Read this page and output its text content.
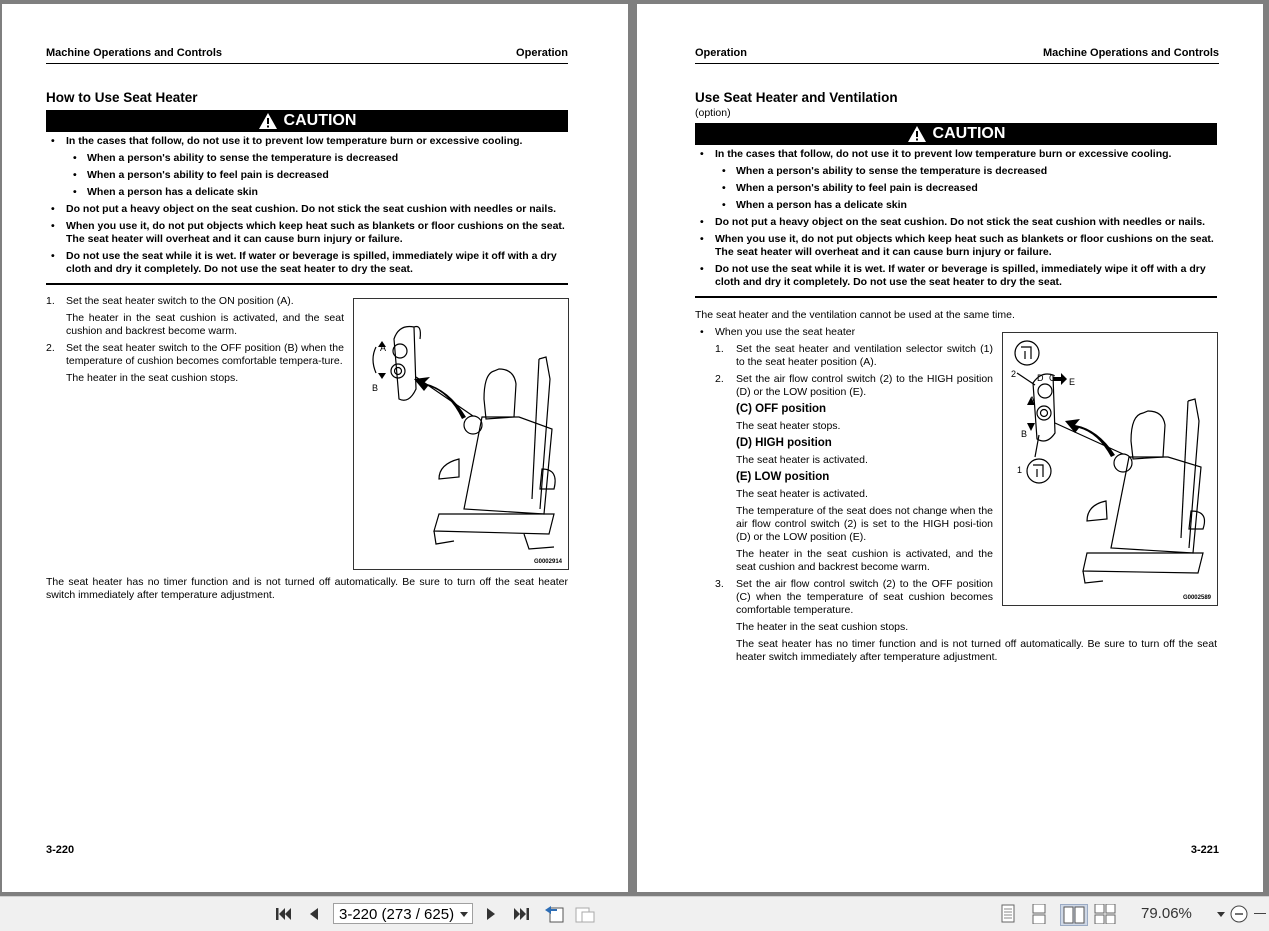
Machine Operations and Controls	Operation
How to Use Seat Heater
CAUTION
• In the cases that follow, do not use it to prevent low temperature burn or excessive cooling.
• When a person's ability to sense the temperature is decreased
• When a person's ability to feel pain is decreased
• When a person has a delicate skin
• Do not put a heavy object on the seat cushion. Do not stick the seat cushion with needles or nails.
• When you use it, do not put objects which keep heat such as blankets or floor cushions on the seat. The seat heater will overheat and it can cause burn injury or failure.
• Do not use the seat while it is wet. If water or beverage is spilled, immediately wipe it off with a dry cloth and dry it completely. Do not use the seat heater to dry the seat.
1. Set the seat heater switch to the ON position (A).
The heater in the seat cushion is activated, and the seat cushion and backrest become warm.
2. Set the seat heater switch to the OFF position (B) when the temperature of cushion becomes comfortable tempera-ture.
The heater in the seat cushion stops.
A
B
G0002914
The seat heater has no timer function and is not turned off automatically. Be sure to turn off the seat heater switch immediately after temperature adjustment.
3-220
Operation	Machine Operations and Controls
Use Seat Heater and Ventilation
(option)
CAUTION
• In the cases that follow, do not use it to prevent low temperature burn or excessive cooling.
• When a person's ability to sense the temperature is decreased
• When a person's ability to feel pain is decreased
• When a person has a delicate skin
• Do not put a heavy object on the seat cushion. Do not stick the seat cushion with needles or nails.
• When you use it, do not put objects which keep heat such as blankets or floor cushions on the seat. The seat heater will overheat and it can cause burn injury or failure.
• Do not use the seat while it is wet. If water or beverage is spilled, immediately wipe it off with a dry cloth and dry it completely. Do not use the seat heater to dry the seat.
The seat heater and the ventilation cannot be used at the same time.
• When you use the seat heater
1. Set the seat heater and ventilation selector switch (1) to the seat heater position (A).
2. Set the air flow control switch (2) to the HIGH position (D) or the LOW position (E).
(C) OFF position
The seat heater stops.
(D) HIGH position
The seat heater is activated.
(E) LOW position
The seat heater is activated.
The temperature of the seat does not change when the air flow control switch (2) is set to the HIGH posi-tion (D) or the LOW position (E).
The heater in the seat cushion is activated, and the seat cushion and backrest become warm.
3. Set the air flow control switch (2) to the OFF position (C) when the temperature of seat cushion becomes comfortable temperature.
The heater in the seat cushion stops.
The seat heater has no timer function and is not turned off automatically. Be sure to turn off the seat heater switch immediately after temperature adjustment.
2 D C E
A
B
1
G0002589
3-221
3-220 (273 / 625)	79.06%
